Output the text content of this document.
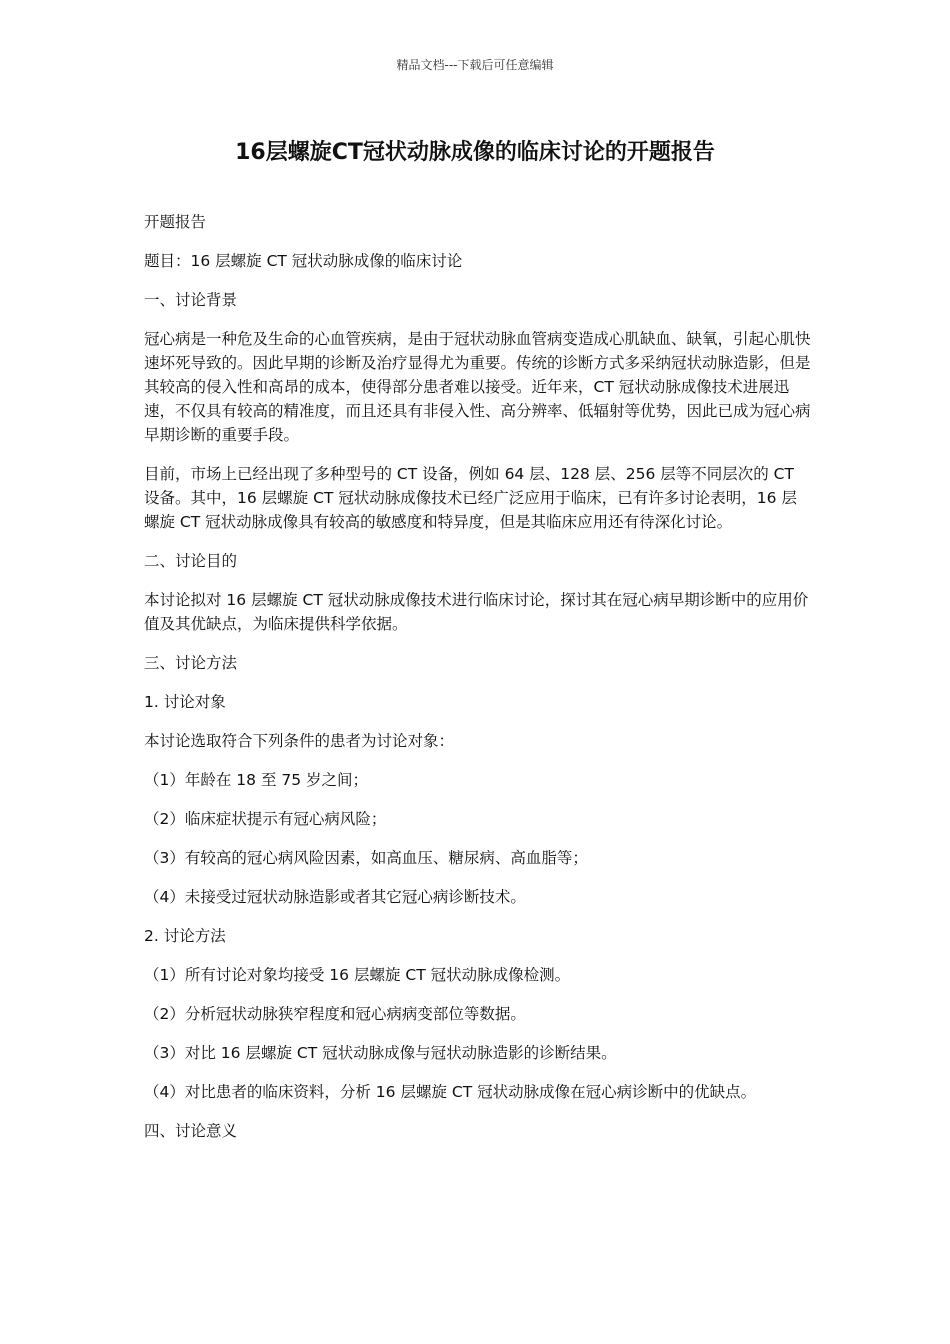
精品文档---下载后可任意编辑
16层螺旋CT冠状动脉成像的临床讨论的开题报告

开题报告

题目：16 层螺旋 CT 冠状动脉成像的临床讨论

一、讨论背景

冠心病是一种危及生命的心血管疾病，是由于冠状动脉血管病变造成心肌缺血、缺氧，引起心肌快速坏死导致的。因此早期的诊断及治疗显得尤为重要。传统的诊断方式多采纳冠状动脉造影，但是其较高的侵入性和高昂的成本，使得部分患者难以接受。近年来，CT 冠状动脉成像技术进展迅速，不仅具有较高的精准度，而且还具有非侵入性、高分辨率、低辐射等优势，因此已成为冠心病早期诊断的重要手段。

目前，市场上已经出现了多种型号的 CT 设备，例如 64 层、128 层、256 层等不同层次的 CT 设备。其中，16 层螺旋 CT 冠状动脉成像技术已经广泛应用于临床，已有许多讨论表明，16 层螺旋 CT 冠状动脉成像具有较高的敏感度和特异度，但是其临床应用还有待深化讨论。

二、讨论目的

本讨论拟对 16 层螺旋 CT 冠状动脉成像技术进行临床讨论，探讨其在冠心病早期诊断中的应用价值及其优缺点，为临床提供科学依据。

三、讨论方法

1. 讨论对象

本讨论选取符合下列条件的患者为讨论对象：

（1）年龄在 18 至 75 岁之间；

（2）临床症状提示有冠心病风险；

（3）有较高的冠心病风险因素，如高血压、糖尿病、高血脂等；

（4）未接受过冠状动脉造影或者其它冠心病诊断技术。

2. 讨论方法

（1）所有讨论对象均接受 16 层螺旋 CT 冠状动脉成像检测。

（2）分析冠状动脉狭窄程度和冠心病病变部位等数据。

（3）对比 16 层螺旋 CT 冠状动脉成像与冠状动脉造影的诊断结果。

（4）对比患者的临床资料，分析 16 层螺旋 CT 冠状动脉成像在冠心病诊断中的优缺点。

四、讨论意义
